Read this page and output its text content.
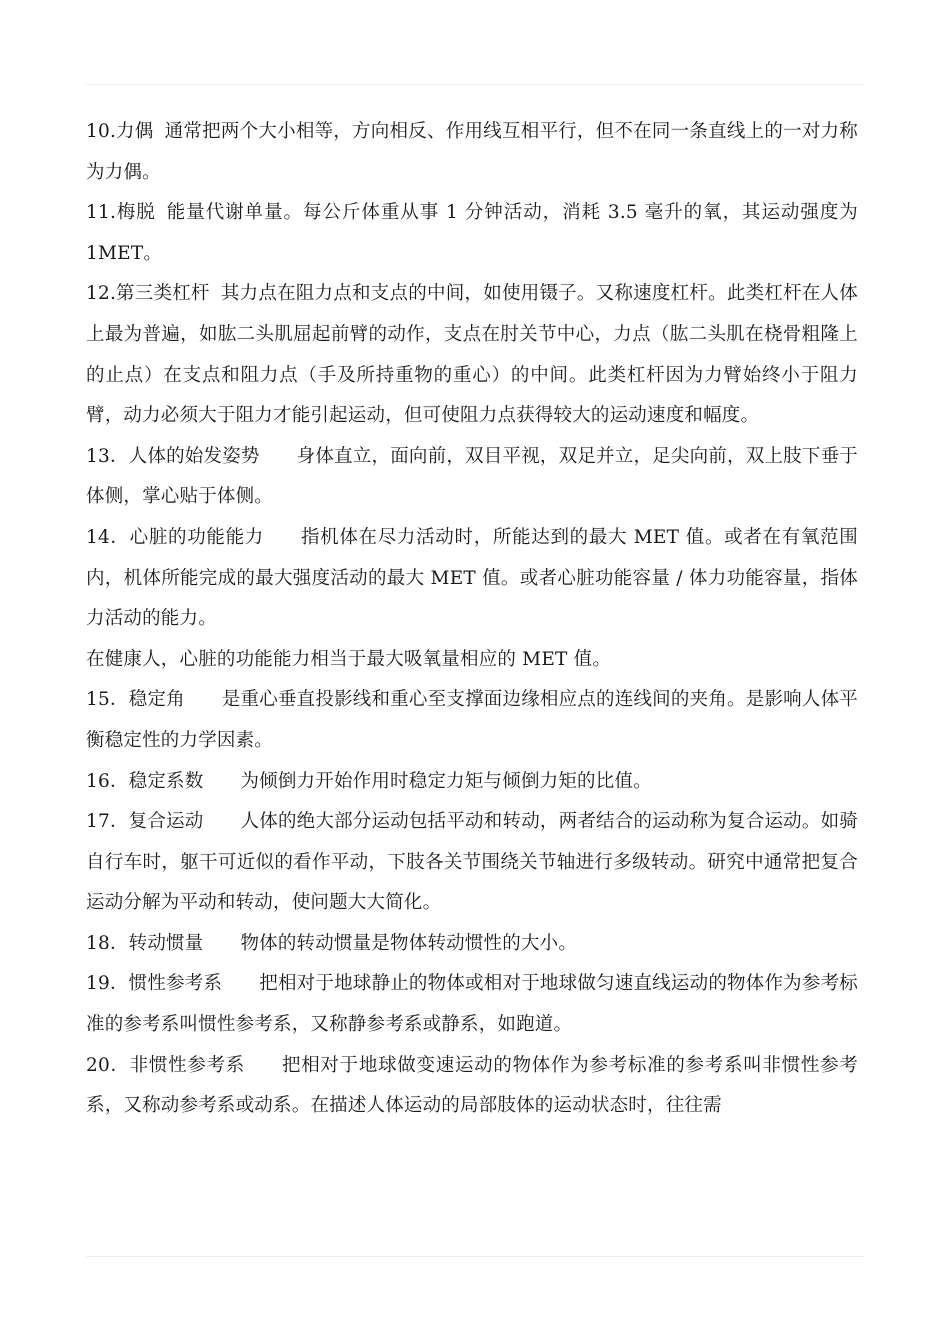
10.力偶 通常把两个大小相等，方向相反、作用线互相平行，但不在同一条直线上的一对力称为力偶。

11.梅脱 能量代谢单量。每公斤体重从事 1 分钟活动，消耗 3.5 毫升的氧，其运动强度为 1MET。

12.第三类杠杆 其力点在阻力点和支点的中间，如使用镊子。又称速度杠杆。此类杠杆在人体上最为普遍，如肱二头肌屈起前臂的动作，支点在肘关节中心，力点（肱二头肌在桡骨粗隆上的止点）在支点和阻力点（手及所持重物的重心）的中间。此类杠杆因为力臂始终小于阻力臂，动力必须大于阻力才能引起运动，但可使阻力点获得较大的运动速度和幅度。

13．人体的始发姿势 身体直立，面向前，双目平视，双足并立，足尖向前，双上肢下垂于体侧，掌心贴于体侧。

14．心脏的功能能力 指机体在尽力活动时，所能达到的最大 MET 值。或者在有氧范围内，机体所能完成的最大强度活动的最大 MET 值。或者心脏功能容量 / 体力功能容量，指体力活动的能力。

在健康人，心脏的功能能力相当于最大吸氧量相应的 MET 值。

15．稳定角 是重心垂直投影线和重心至支撑面边缘相应点的连线间的夹角。是影响人体平衡稳定性的力学因素。

16．稳定系数 为倾倒力开始作用时稳定力矩与倾倒力矩的比值。

17．复合运动 人体的绝大部分运动包括平动和转动，两者结合的运动称为复合运动。如骑自行车时，躯干可近似的看作平动，下肢各关节围绕关节轴进行多级转动。研究中通常把复合运动分解为平动和转动，使问题大大简化。

18．转动惯量 物体的转动惯量是物体转动惯性的大小。

19．惯性参考系 把相对于地球静止的物体或相对于地球做匀速直线运动的物体作为参考标准的参考系叫惯性参考系，又称静参考系或静系，如跑道。

20．非惯性参考系 把相对于地球做变速运动的物体作为参考标准的参考系叫非惯性参考系，又称动参考系或动系。在描述人体运动的局部肢体的运动状态时，往往需
